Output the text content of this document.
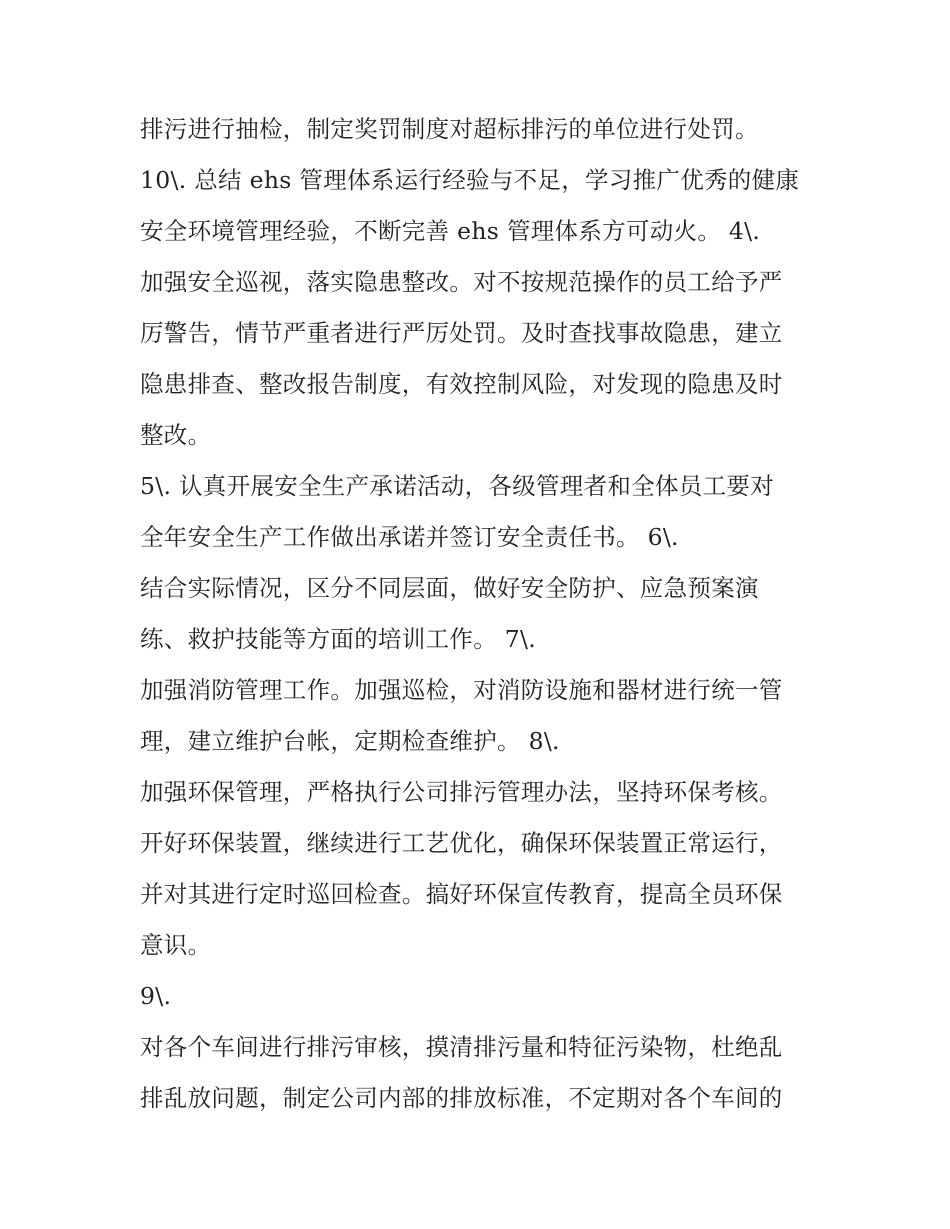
排污进行抽检，制定奖罚制度对超标排污的单位进行处罚。
10\. 总结 ehs 管理体系运行经验与不足，学习推广优秀的健康
安全环境管理经验，不断完善 ehs 管理体系方可动火。 4\.
加强安全巡视，落实隐患整改。对不按规范操作的员工给予严
厉警告，情节严重者进行严厉处罚。及时查找事故隐患，建立
隐患排查、整改报告制度，有效控制风险，对发现的隐患及时
整改。
5\. 认真开展安全生产承诺活动，各级管理者和全体员工要对
全年安全生产工作做出承诺并签订安全责任书。 6\.
结合实际情况，区分不同层面，做好安全防护、应急预案演
练、救护技能等方面的培训工作。 7\.
加强消防管理工作。加强巡检，对消防设施和器材进行统一管
理，建立维护台帐，定期检查维护。 8\.
加强环保管理，严格执行公司排污管理办法，坚持环保考核。
开好环保装置，继续进行工艺优化，确保环保装置正常运行，
并对其进行定时巡回检查。搞好环保宣传教育，提高全员环保
意识。
9\.
对各个车间进行排污审核，摸清排污量和特征污染物，杜绝乱
排乱放问题，制定公司内部的排放标准，不定期对各个车间的
